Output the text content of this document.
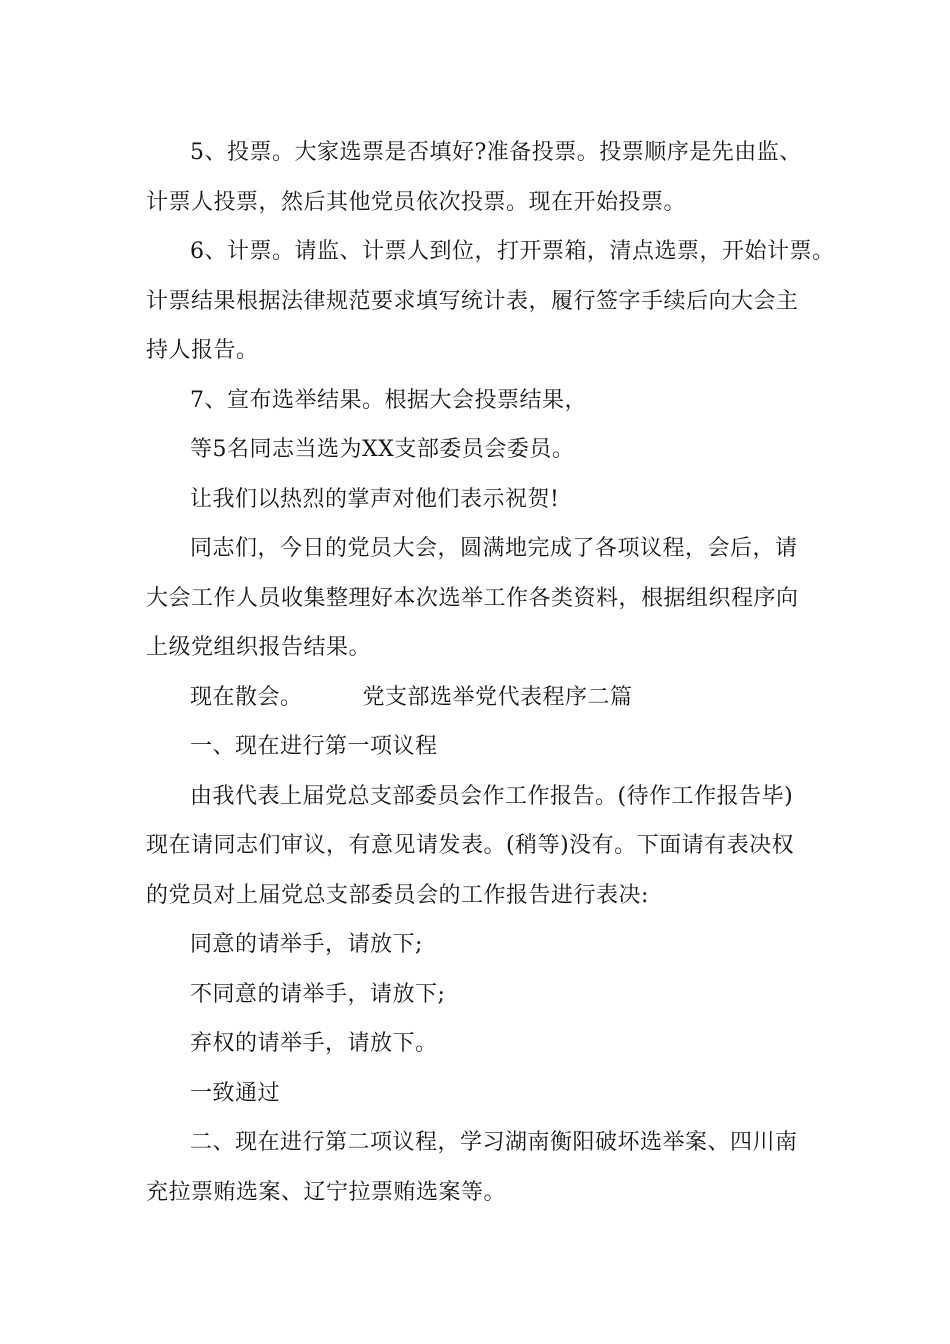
5、投票。大家选票是否填好?准备投票。投票顺序是先由监、
计票人投票，然后其他党员依次投票。现在开始投票。
6、计票。请监、计票人到位，打开票箱，清点选票，开始计票。
计票结果根据法律规范要求填写统计表，履行签字手续后向大会主
持人报告。
7、宣布选举结果。根据大会投票结果，
等5名同志当选为XX支部委员会委员。
让我们以热烈的掌声对他们表示祝贺!
同志们，今日的党员大会，圆满地完成了各项议程，会后，请
大会工作人员收集整理好本次选举工作各类资料，根据组织程序向
上级党组织报告结果。
现在散会。        党支部选举党代表程序二篇
一、现在进行第一项议程
由我代表上届党总支部委员会作工作报告。(待作工作报告毕)
现在请同志们审议，有意见请发表。(稍等)没有。下面请有表决权
的党员对上届党总支部委员会的工作报告进行表决:
同意的请举手，请放下;
不同意的请举手，请放下;
弃权的请举手，请放下。
一致通过
二、现在进行第二项议程，学习湖南衡阳破坏选举案、四川南
充拉票贿选案、辽宁拉票贿选案等。
